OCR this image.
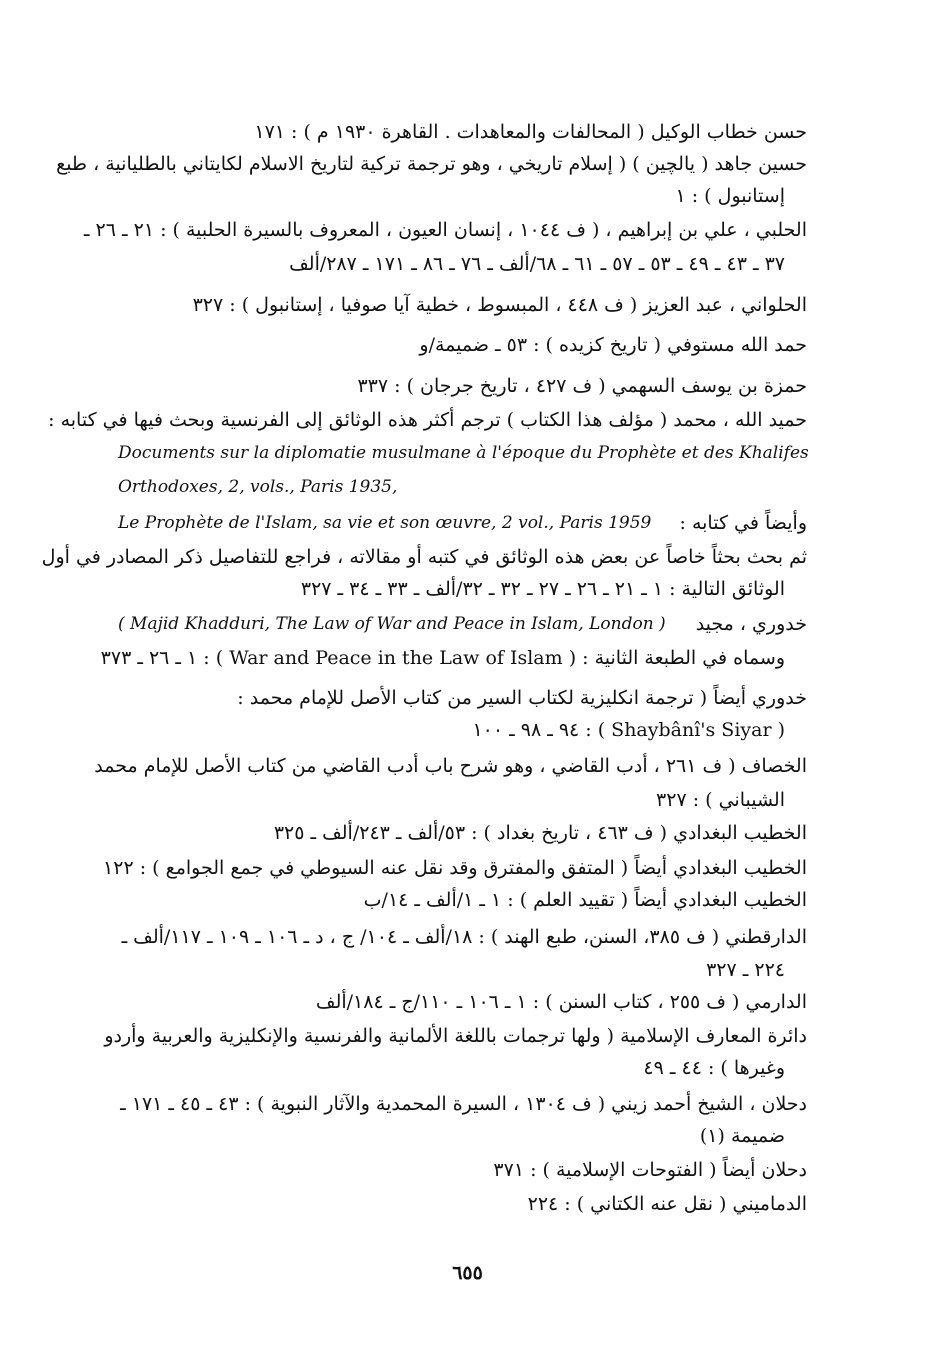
حسن خطاب الوكيل ( المحالفات والمعاهدات . القاهرة ١٩٣٠ م ) : ١٧١
حسين جاهد ( يالچين ) ( إسلام تاريخي ، وهو ترجمة تركية لتاريخ الاسلام لكايتاني بالطليانية ، طبع
إستانبول ) : ١
الحلبي ، علي بن إبراهيم ، ( ف ١٠٤٤ ، إنسان العيون ، المعروف بالسيرة الحلبية ) : ٢١ ـ ٢٦ ـ
٣٧ ـ ٤٣ ـ ٤٩ ـ ٥٣ ـ ٥٧ ـ ٦١ ـ ٦٨/ألف ـ ٧٦ ـ ٨٦ ـ ١٧١ ـ ٢٨٧/ألف
الحلواني ، عبد العزيز ( ف ٤٤٨ ، المبسوط ، خطية آيا صوفيا ، إستانبول ) : ٣٢٧
حمد الله مستوفي ( تاريخ كزيده ) : ٥٣ ـ ضميمة/و
حمزة بن يوسف السهمي ( ف ٤٢٧ ، تاريخ جرجان ) : ٣٣٧
حميد الله ، محمد ( مؤلف هذا الكتاب ) ترجم أكثر هذه الوثائق إلى الفرنسية وبحث فيها في كتابه :
Documents sur la diplomatie musulmane à l'époque du Prophète et des Khalifes
Orthodoxes, 2, vols., Paris 1935,
وأيضاً في كتابه :
Le Prophète de l'Islam, sa vie et son œuvre, 2 vol., Paris 1959
ثم بحث بحثاً خاصاً عن بعض هذه الوثائق في كتبه أو مقالاته ، فراجع للتفاصيل ذكر المصادر في أول
الوثائق التالية : ١ ـ ٢١ ـ ٢٦ ـ ٢٧ ـ ٣٢ ـ ٣٢/ألف ـ ٣٣ ـ ٣٤ ـ ٣٢٧
خدوري ، مجيد
( Majid Khadduri, The Law of War and Peace in Islam, London )
وسماه في الطبعة الثانية : ( War and Peace in the Law of Islam ) : ١ ـ ٢٦ ـ ٣٧٣
خدوري أيضاً ( ترجمة انكليزية لكتاب السير من كتاب الأصل للإمام محمد :
( Shaybânî's Siyar ) : ٩٤ ـ ٩٨ ـ ١٠٠
الخصاف ( ف ٢٦١ ، أدب القاضي ، وهو شرح باب أدب القاضي من كتاب الأصل للإمام محمد
الشيباني ) : ٣٢٧
الخطيب البغدادي ( ف ٤٦٣ ، تاريخ بغداد ) : ٥٣/ألف ـ ٢٤٣/ألف ـ ٣٢٥
الخطيب البغدادي أيضاً ( المتفق والمفترق وقد نقل عنه السيوطي في جمع الجوامع ) : ١٢٢
الخطيب البغدادي أيضاً ( تقييد العلم ) : ١ ـ ١/ألف ـ ١٤/ب
الدارقطني ( ف ٣٨٥، السنن، طبع الهند ) : ١٨/ألف ـ ١٠٤/ ج ، د ـ ١٠٦ ـ ١٠٩ ـ ١١٧/ألف ـ
٢٢٤ ـ ٣٢٧
الدارمي ( ف ٢٥٥ ، كتاب السنن ) : ١ ـ ١٠٦ ـ ١١٠/ج ـ ١٨٤/ألف
دائرة المعارف الإسلامية ( ولها ترجمات باللغة الألمانية والفرنسية والإنكليزية والعربية وأردو
وغيرها ) : ٤٤ ـ ٤٩
دحلان ، الشيخ أحمد زيني ( ف ١٣٠٤ ، السيرة المحمدية والآثار النبوية ) : ٤٣ ـ ٤٥ ـ ١٧١ ـ
ضميمة (١)
دحلان أيضاً ( الفتوحات الإسلامية ) : ٣٧١
الدماميني ( نقل عنه الكتاني ) : ٢٢٤
٦٥٥
